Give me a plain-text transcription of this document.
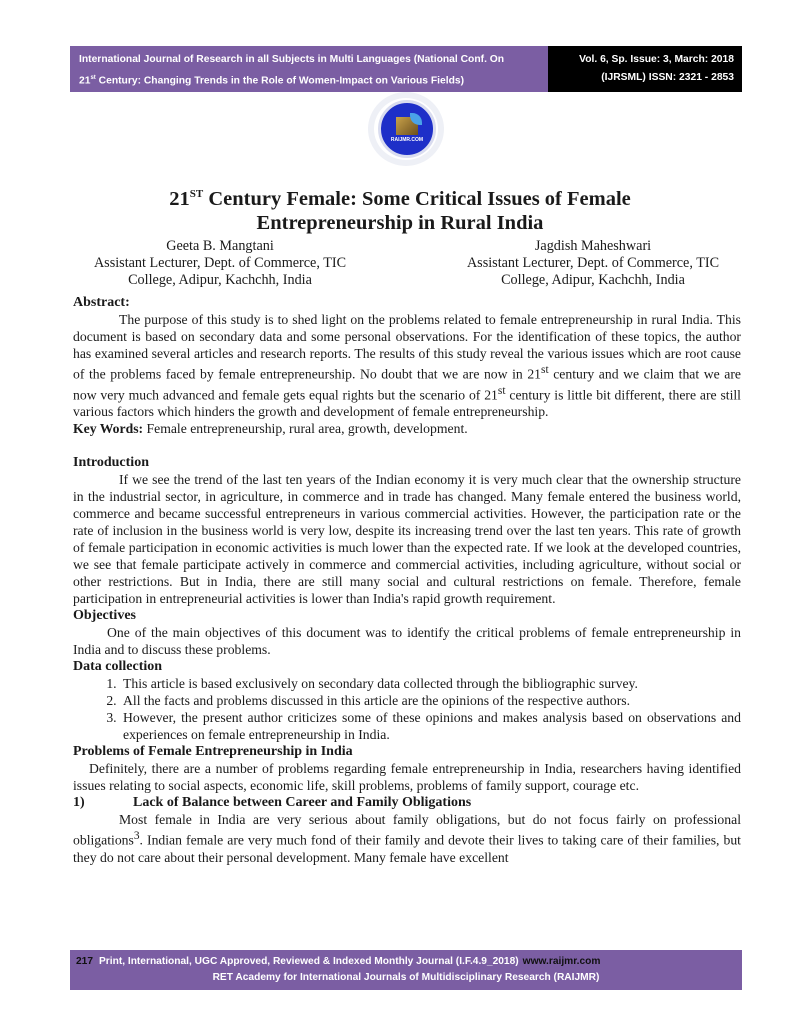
International Journal of Research in all Subjects in Multi Languages (National Conf. On
21st Century: Changing Trends in the Role of Women-Impact on Various Fields)
Vol. 6, Sp. Issue: 3, March: 2018
(IJRSML) ISSN: 2321 - 2853
RAIJMR.COM
21ST Century Female: Some Critical Issues of Female
Entrepreneurship in Rural India
Geeta B. Mangtani
Assistant Lecturer, Dept. of Commerce, TIC
College, Adipur, Kachchh, India
Jagdish Maheshwari
Assistant Lecturer, Dept. of Commerce, TIC
College, Adipur, Kachchh, India

Abstract:

The purpose of this study is to shed light on the problems related to female entrepreneurship in rural India. This document is based on secondary data and some personal observations. For the identification of these topics, the author has examined several articles and research reports. The results of this study reveal the various issues which are root cause of the problems faced by female entrepreneurship. No doubt that we are now in 21st century and we claim that we are now very much advanced and female gets equal rights but the scenario of 21st century is little bit different, there are still various factors which hinders the growth and development of female entrepreneurship.

Key Words: Female entrepreneurship, rural area, growth, development.

Introduction

If we see the trend of the last ten years of the Indian economy it is very much clear that the ownership structure in the industrial sector, in agriculture, in commerce and in trade has changed. Many female entered the business world, commerce and became successful entrepreneurs in various commercial activities. However, the participation rate or the rate of inclusion in the business world is very low, despite its increasing trend over the last ten years. This rate of growth of female participation in economic activities is much lower than the expected rate. If we look at the developed countries, we see that female participate actively in commerce and commercial activities, including agriculture, without social or other restrictions. But in India, there are still many social and cultural restrictions on female. Therefore, female participation in entrepreneurial activities is lower than India's rapid growth requirement.

Objectives

One of the main objectives of this document was to identify the critical problems of female entrepreneurship in India and to discuss these problems.

Data collection

1. This article is based exclusively on secondary data collected through the bibliographic survey.
2. All the facts and problems discussed in this article are the opinions of the respective authors.
3. However, the present author criticizes some of these opinions and makes analysis based on observations and experiences on female entrepreneurship in India.

Problems of Female Entrepreneurship in India

Definitely, there are a number of problems regarding female entrepreneurship in India, researchers having identified issues relating to social aspects, economic life, skill problems, problems of family support, courage etc.

1)	Lack of Balance between Career and Family Obligations

Most female in India are very serious about family obligations, but do not focus fairly on professional obligations$^3$. Indian female are very much fond of their family and devote their lives to taking care of their families, but they do not care about their personal development. Many female have excellent

217 Print, International, UGC Approved, Reviewed & Indexed Monthly Journal (I.F.4.9_2018) www.raijmr.com
RET Academy for International Journals of Multidisciplinary Research (RAIJMR)
